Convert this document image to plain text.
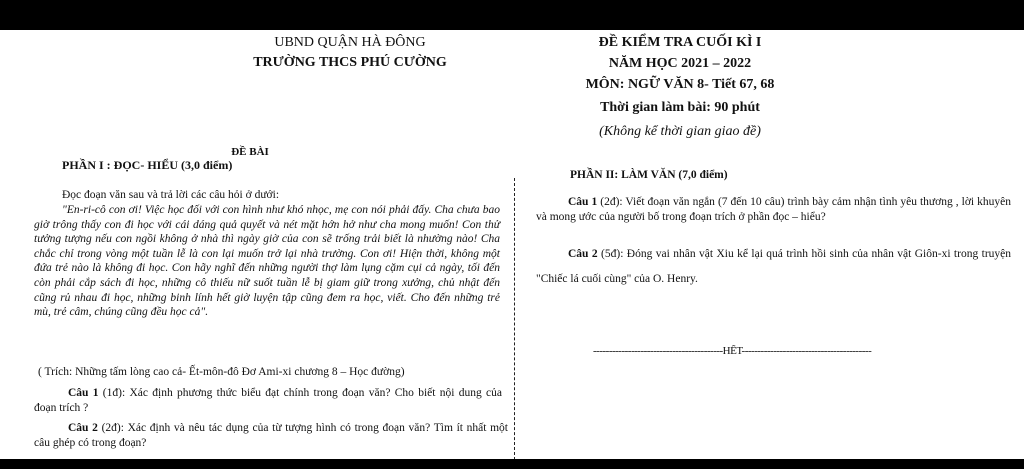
UBND QUẬN HÀ ĐÔNG
TRƯỜNG THCS PHÚ CƯỜNG
ĐỀ KIỂM TRA CUỐI KÌ I
NĂM HỌC 2021 – 2022
MÔN: NGỮ VĂN 8- Tiết 67, 68
Thời gian làm bài: 90 phút
(Không kể thời gian giao đề)
ĐỀ BÀI
PHẦN I : ĐỌC- HIỂU (3,0 điểm)
Đọc đoạn văn sau và trả lời các câu hỏi ở dưới:
"En-ri-cô con ơi! Việc học đối với con hình như khó nhọc, mẹ con nói phải đấy. Cha chưa bao giờ trông thấy con đi học với cái dáng quả quyết và nét mặt hớn hở như cha mong muốn! Con thử tưởng tượng nếu con ngồi không ở nhà thì ngày giờ của con sẽ trống trải biết là nhường nào! Cha chắc chỉ trong vòng một tuần lễ là con lại muốn trở lại nhà trường. Con ơi! Hiện thời, không một đứa trẻ nào là không đi học. Con hãy nghĩ đến những người thợ làm lụng cặm cụi cả ngày, tối đến còn phải cắp sách đi học, những cô thiếu nữ suốt tuần lễ bị giam giữ trong xưởng, chủ nhật đến cũng rủ nhau đi học, những binh lính hết giờ luyện tập cũng đem ra học, viết. Cho đến những trẻ mù, trẻ câm, chúng cũng đều học cả".
( Trích: Những tấm lòng cao cả- Ết-môn-đô Đơ Ami-xi chương 8 – Học đường)
Câu 1 (1đ): Xác định phương thức biểu đạt chính trong đoạn văn? Cho biết nội dung của đoạn trích ?
Câu 2 (2đ): Xác định và nêu tác dụng của từ tượng hình có trong đoạn văn? Tìm ít nhất một câu ghép có trong đoạn?
PHẦN II: LÀM VĂN (7,0 điểm)
Câu 1 (2đ): Viết đoạn văn ngắn (7 đến 10 câu) trình bày cảm nhận tình yêu thương , lời khuyên và mong ước của người bố trong đoạn trích ở phần đọc – hiểu?
Câu 2 (5đ): Đóng vai nhân vật Xiu kể lại quá trình hồi sinh của nhân vật Giôn-xi trong truyện "Chiếc lá cuối cùng" của O. Henry.
-----------------------------------------HẾT-----------------------------------------
